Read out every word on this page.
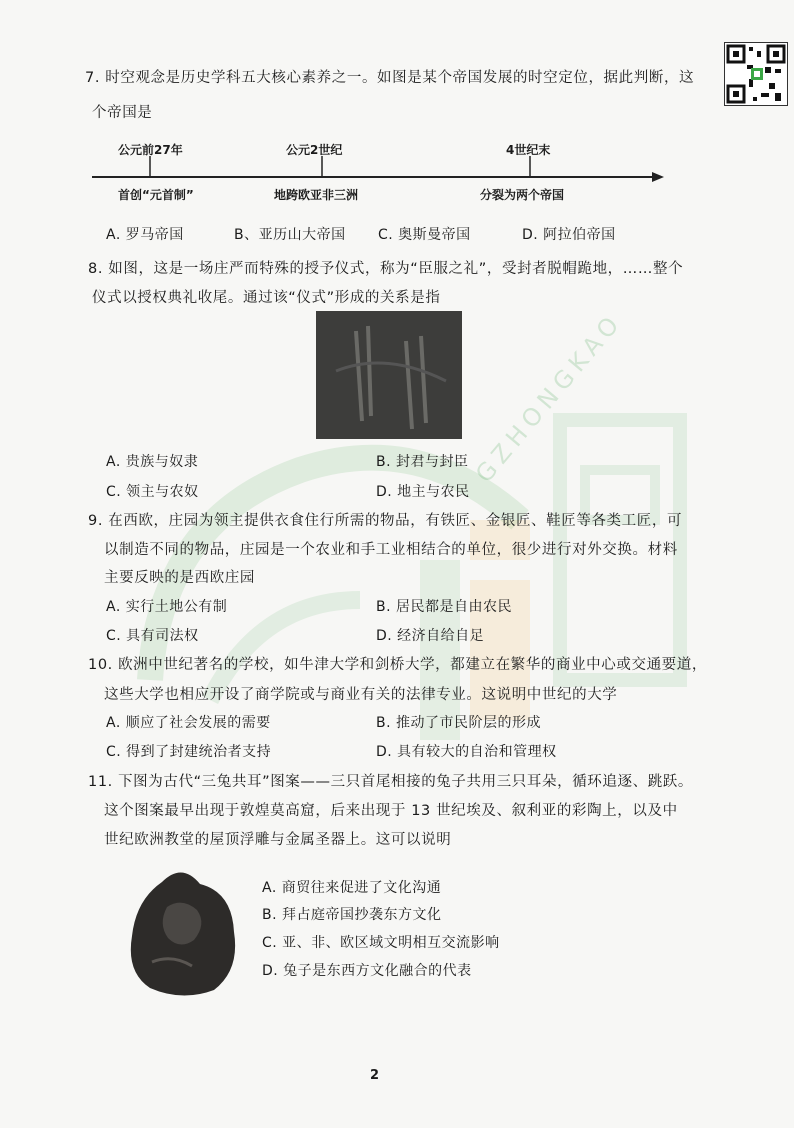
GZHONGKAO
7. 时空观念是历史学科五大核心素养之一。如图是某个帝国发展的时空定位，据此判断，这
个帝国是
公元前27年	公元2世纪	4世纪末
首创“元首制”	地跨欧亚非三洲	分裂为两个帝国
A. 罗马帝国	B、亚历山大帝国 C. 奥斯曼帝国	D. 阿拉伯帝国
8. 如图，这是一场庄严而特殊的授予仪式，称为“臣服之礼”，受封者脱帽跪地，……整个
仪式以授权典礼收尾。通过该“仪式”形成的关系是指
A. 贵族与奴隶	B. 封君与封臣
C. 领主与农奴	D. 地主与农民
9. 在西欧，庄园为领主提供衣食住行所需的物品，有铁匠、金银匠、鞋匠等各类工匠，可
以制造不同的物品，庄园是一个农业和手工业相结合的单位，很少进行对外交换。材料
主要反映的是西欧庄园
A. 实行土地公有制	B. 居民都是自由农民
C. 具有司法权	D. 经济自给自足
10. 欧洲中世纪著名的学校，如牛津大学和剑桥大学，都建立在繁华的商业中心或交通要道，
这些大学也相应开设了商学院或与商业有关的法律专业。这说明中世纪的大学
A. 顺应了社会发展的需要	B. 推动了市民阶层的形成
C. 得到了封建统治者支持	D. 具有较大的自治和管理权
11. 下图为古代“三兔共耳”图案——三只首尾相接的兔子共用三只耳朵，循环追逐、跳跃。
这个图案最早出现于敦煌莫高窟，后来出现于 13 世纪埃及、叙利亚的彩陶上，以及中
世纪欧洲教堂的屋顶浮雕与金属圣器上。这可以说明
A. 商贸往来促进了文化沟通
B. 拜占庭帝国抄袭东方文化
C. 亚、非、欧区域文明相互交流影响
D. 兔子是东西方文化融合的代表
2
